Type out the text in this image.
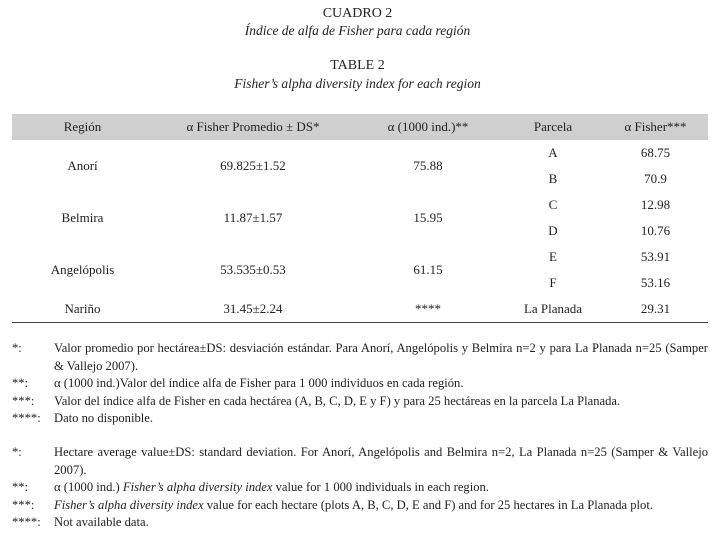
CUADRO 2
Índice de alfa de Fisher para cada región
TABLE 2
Fisher’s alpha diversity index for each region
Región	α Fisher Promedio ± DS*	α (1000 ind.)**	Parcela	α Fisher***
Anorí	69.825±1.52	75.88	A	68.75
			B	70.9
Belmira	11.87±1.57	15.95	C	12.98
			D	10.76
Angelópolis	53.535±0.53	61.15	E	53.91
			F	53.16
Nariño	31.45±2.24	****	La Planada	29.31
*:	Valor promedio por hectárea±DS: desviación estándar. Para Anorí, Angelópolis y Belmira n=2 y para La Planada n=25 (Samper & Vallejo 2007).
**:	α (1000 ind.)Valor del índice alfa de Fisher para 1 000 individuos en cada región.
***:	Valor del índice alfa de Fisher en cada hectárea (A, B, C, D, E y F) y para 25 hectáreas en la parcela La Planada.
****:	Dato no disponible.
*:	Hectare average value±DS: standard deviation. For Anorí, Angelópolis and Belmira n=2, La Planada n=25 (Samper & Vallejo 2007).
**:	α (1000 ind.) Fisher’s alpha diversity index value for 1 000 individuals in each region.
***:	Fisher’s alpha diversity index value for each hectare (plots A, B, C, D, E and F) and for 25 hectares in La Planada plot.
****:	Not available data.
